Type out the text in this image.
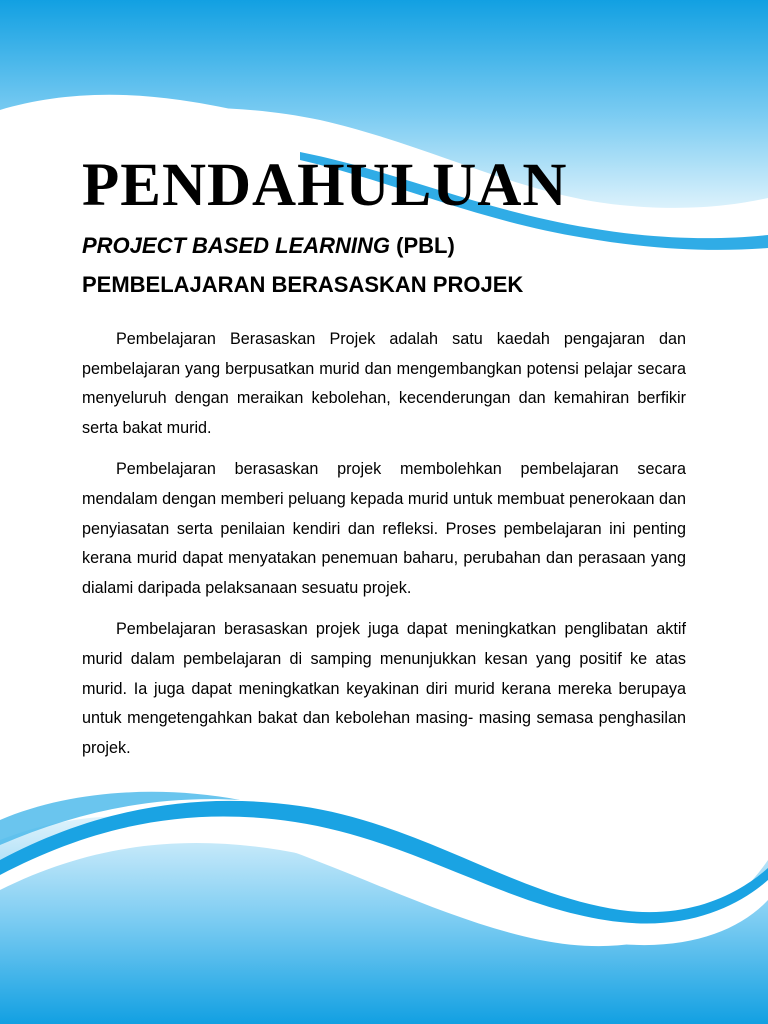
PENDAHULUAN
PROJECT BASED LEARNING (PBL)
PEMBELAJARAN BERASASKAN PROJEK

Pembelajaran Berasaskan Projek adalah satu kaedah pengajaran dan pembelajaran yang berpusatkan murid dan mengembangkan potensi pelajar secara menyeluruh dengan meraikan kebolehan, kecenderungan dan kemahiran berfikir serta bakat murid.

Pembelajaran berasaskan projek membolehkan pembelajaran secara mendalam dengan memberi peluang kepada murid untuk membuat penerokaan dan penyiasatan serta penilaian kendiri dan refleksi. Proses pembelajaran ini penting kerana murid dapat menyatakan penemuan baharu, perubahan dan perasaan yang dialami daripada pelaksanaan sesuatu projek.

Pembelajaran berasaskan projek juga dapat meningkatkan penglibatan aktif murid dalam pembelajaran di samping menunjukkan kesan yang positif ke atas murid. Ia juga dapat meningkatkan keyakinan diri murid kerana mereka berupaya untuk mengetengahkan bakat dan kebolehan masing- masing semasa penghasilan projek.
